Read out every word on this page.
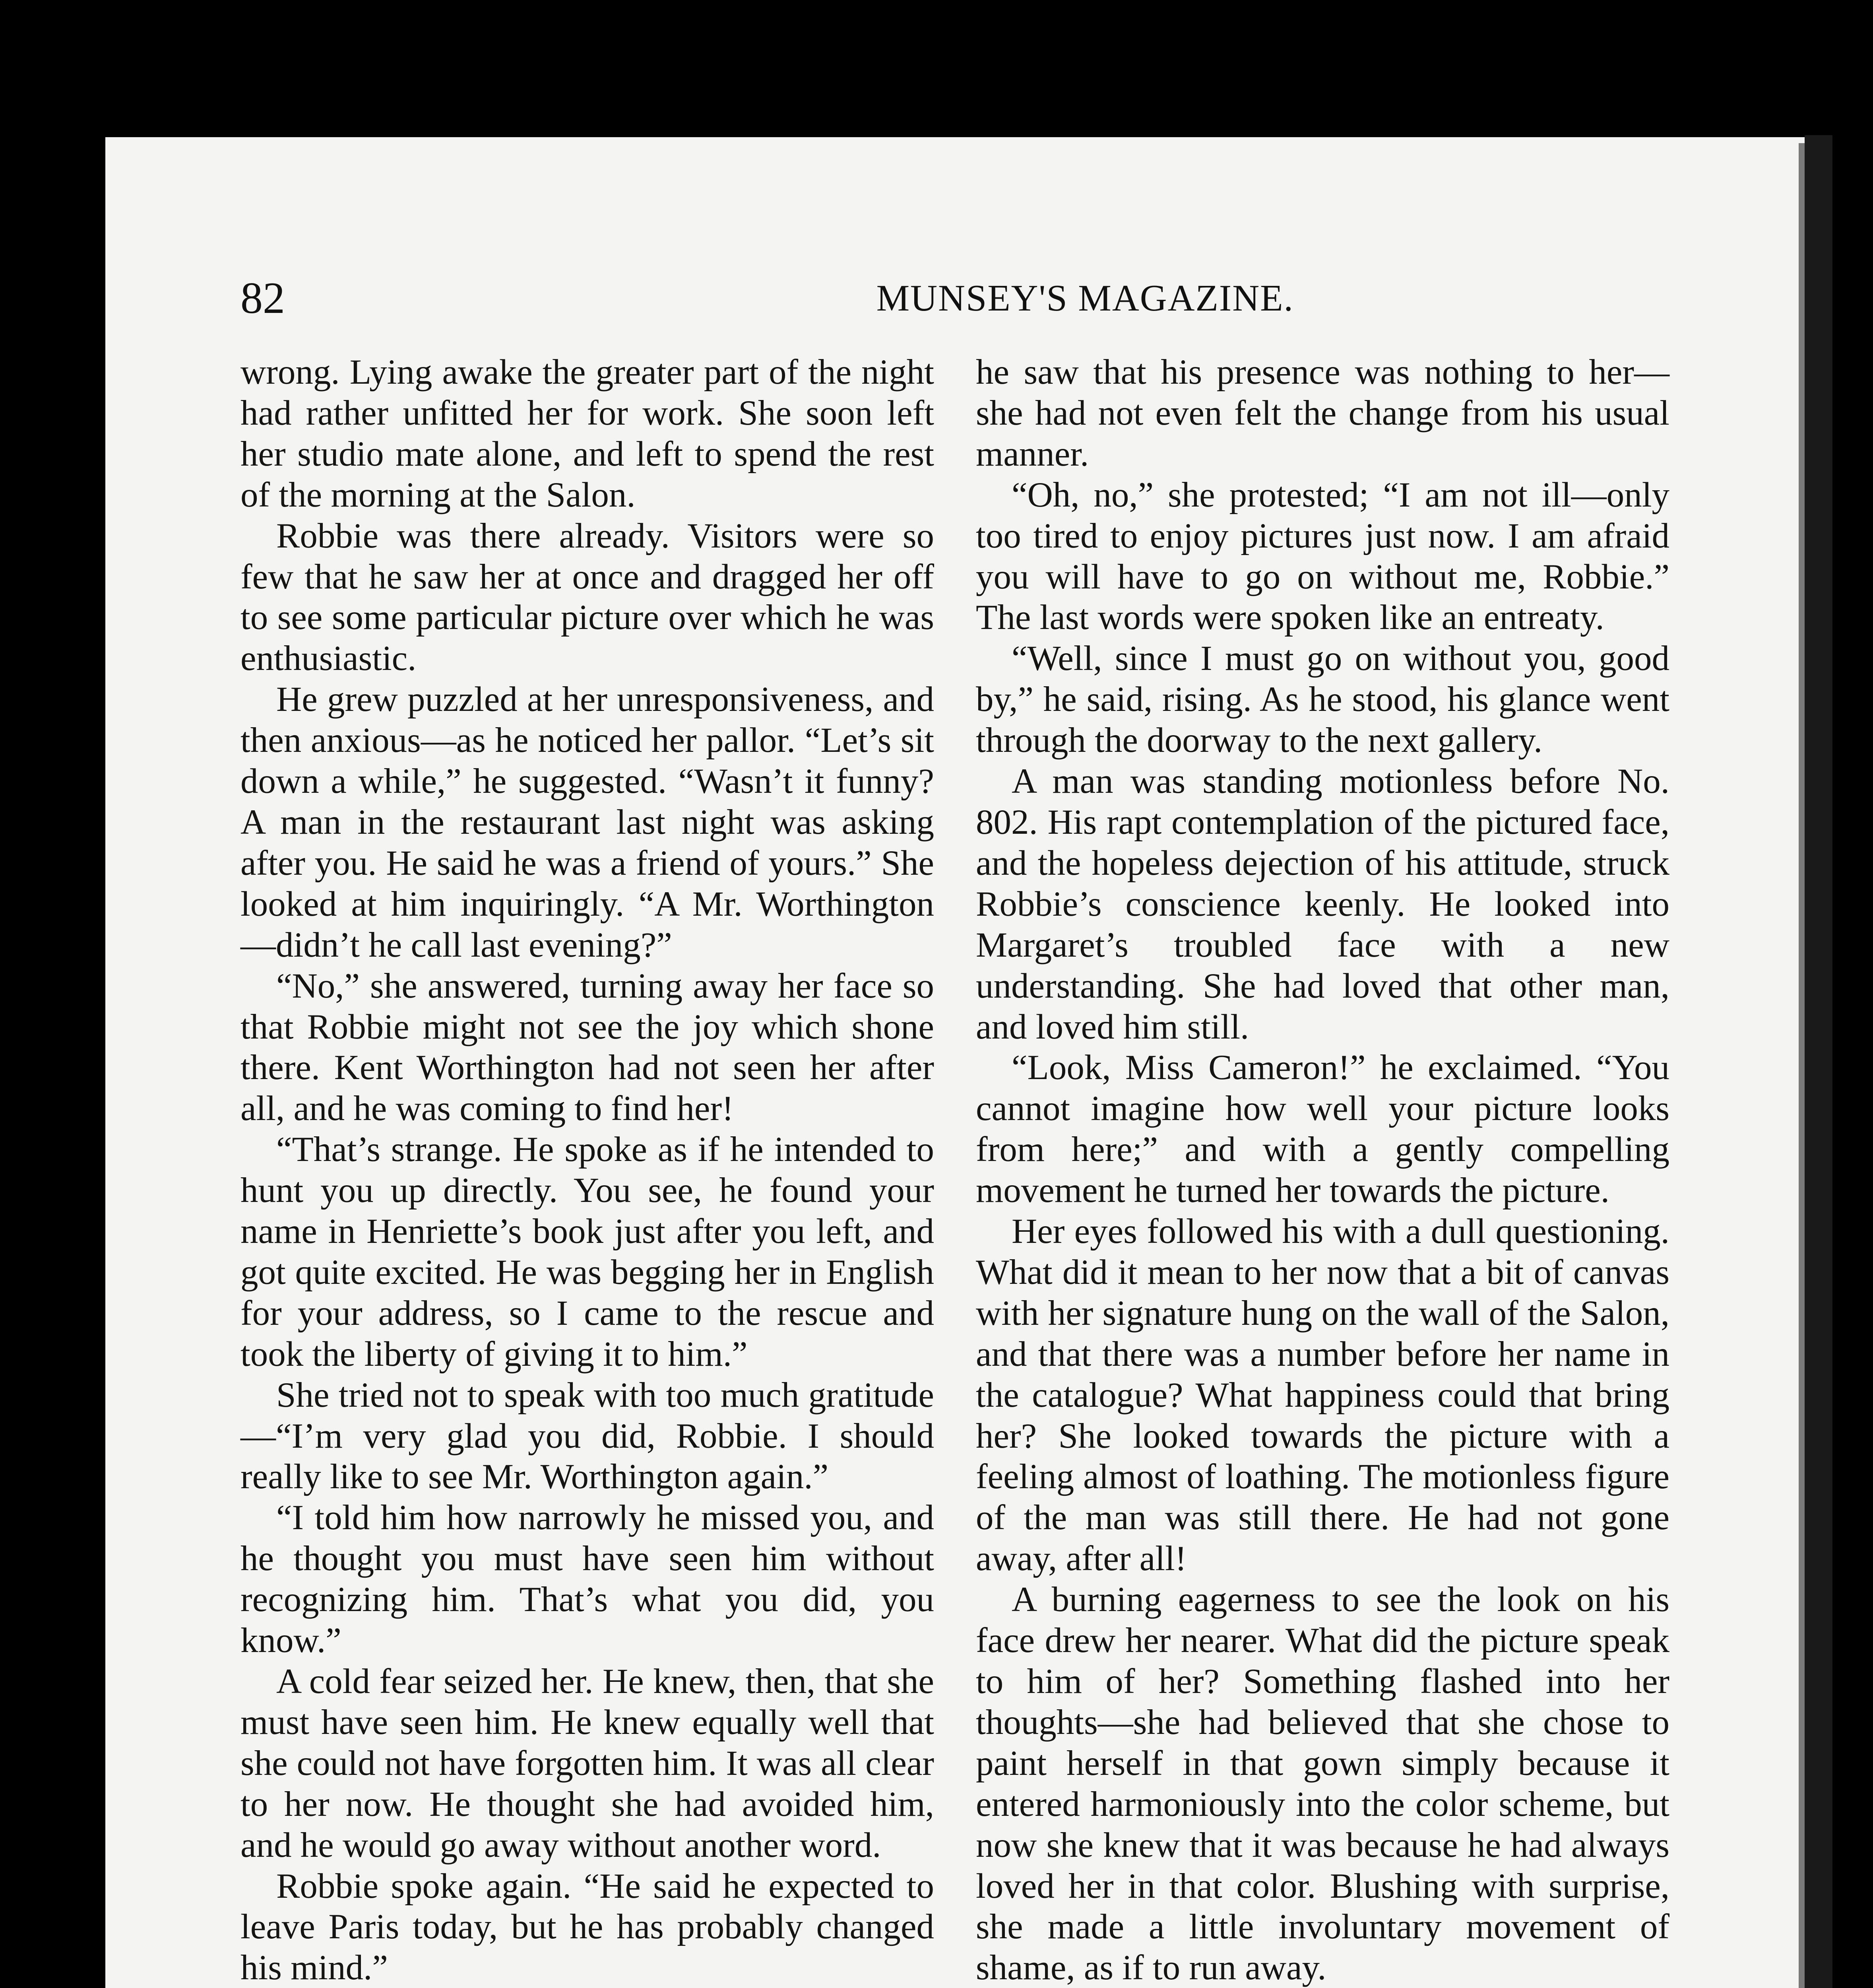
82	MUNSEY'S MAGAZINE.

wrong. Lying awake the greater part of the night had rather unfitted her for work. She soon left her studio mate alone, and left to spend the rest of the morning at the Salon.

Robbie was there already. Visitors were so few that he saw her at once and dragged her off to see some particular picture over which he was enthusiastic.

He grew puzzled at her unresponsiveness, and then anxious—as he noticed her pallor. “Let’s sit down a while,” he suggested. “Wasn’t it funny? A man in the restaurant last night was asking after you. He said he was a friend of yours.” She looked at him inquiringly. “A Mr. Worthington—didn’t he call last evening?”

“No,” she answered, turning away her face so that Robbie might not see the joy which shone there. Kent Worthington had not seen her after all, and he was coming to find her!

“That’s strange. He spoke as if he intended to hunt you up directly. You see, he found your name in Henriette’s book just after you left, and got quite excited. He was begging her in English for your address, so I came to the rescue and took the liberty of giving it to him.”

She tried not to speak with too much gratitude—“I’m very glad you did, Robbie. I should really like to see Mr. Worthington again.”

“I told him how narrowly he missed you, and he thought you must have seen him without recognizing him. That’s what you did, you know.”

A cold fear seized her. He knew, then, that she must have seen him. He knew equally well that she could not have forgotten him. It was all clear to her now. He thought she had avoided him, and he would go away without another word.

Robbie spoke again. “He said he expected to leave Paris today, but he has probably changed his mind.”

he saw that his presence was nothing to her—she had not even felt the change from his usual manner.

“Oh, no,” she protested; “I am not ill—only too tired to enjoy pictures just now. I am afraid you will have to go on without me, Robbie.” The last words were spoken like an entreaty.

“Well, since I must go on without you, good by,” he said, rising. As he stood, his glance went through the doorway to the next gallery.

A man was standing motionless before No. 802. His rapt contemplation of the pictured face, and the hopeless dejection of his attitude, struck Robbie’s conscience keenly. He looked into Margaret’s troubled face with a new understanding. She had loved that other man, and loved him still.

“Look, Miss Cameron!” he exclaimed. “You cannot imagine how well your picture looks from here;” and with a gently compelling movement he turned her towards the picture.

Her eyes followed his with a dull questioning. What did it mean to her now that a bit of canvas with her signature hung on the wall of the Salon, and that there was a number before her name in the catalogue? What happiness could that bring her? She looked towards the picture with a feeling almost of loathing. The motionless figure of the man was still there. He had not gone away, after all!

A burning eagerness to see the look on his face drew her nearer. What did the picture speak to him of her? Something flashed into her thoughts—she had believed that she chose to paint herself in that gown simply because it entered harmoniously into the color scheme, but now she knew that it was because he had always loved her in that color. Blushing with surprise, she made a little involuntary movement of shame, as if to run away.
